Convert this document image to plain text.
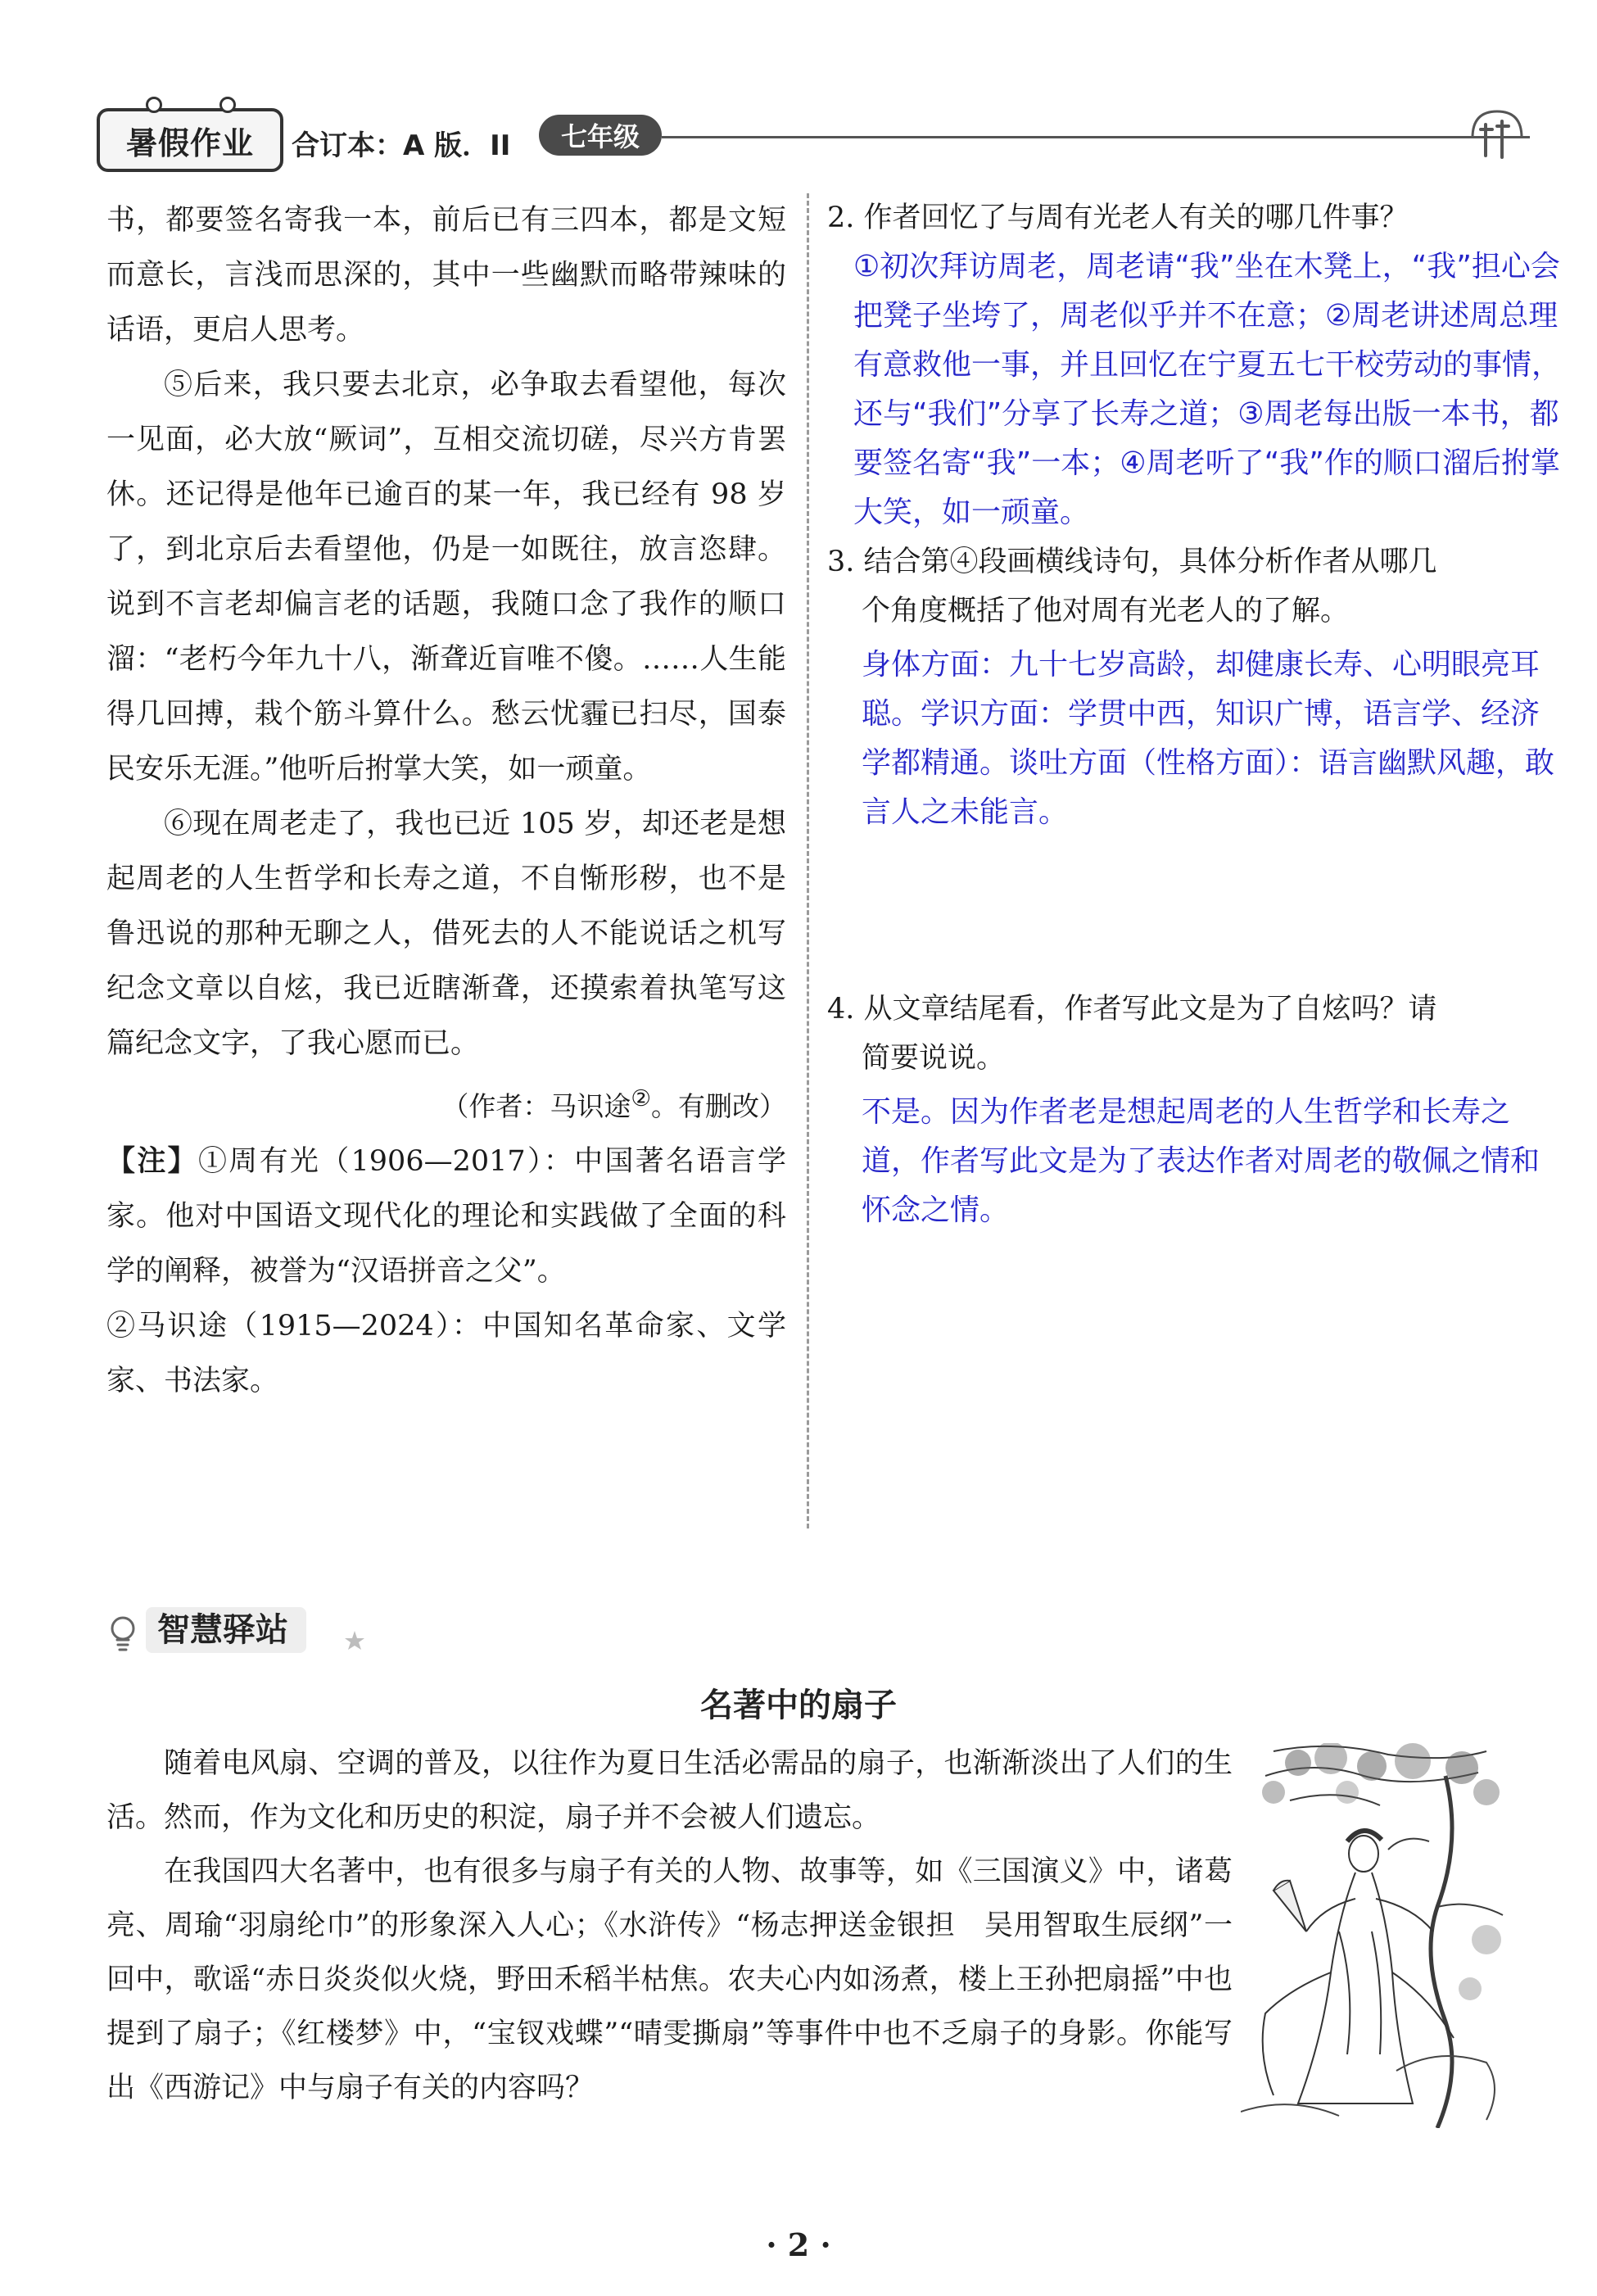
暑假作业 合订本：A 版．II	七年级

书，都要签名寄我一本，前后已有三四本，都是文短而意长，言浅而思深的，其中一些幽默而略带辣味的话语，更启人思考。

⑤后来，我只要去北京，必争取去看望他，每次一见面，必大放“厥词”，互相交流切磋，尽兴方肯罢休。还记得是他年已逾百的某一年，我已经有 98 岁了，到北京后去看望他，仍是一如既往，放言恣肆。说到不言老却偏言老的话题，我随口念了我作的顺口溜：“老朽今年九十八，渐聋近盲唯不傻。……人生能得几回搏，栽个筋斗算什么。愁云忧霾已扫尽，国泰民安乐无涯。”他听后拊掌大笑，如一顽童。

⑥现在周老走了，我也已近 105 岁，却还老是想起周老的人生哲学和长寿之道，不自惭形秽，也不是鲁迅说的那种无聊之人，借死去的人不能说话之机写纪念文章以自炫，我已近瞎渐聋，还摸索着执笔写这篇纪念文字，了我心愿而已。

（作者：马识途②。有删改）

【注】①周有光（1906—2017）：中国著名语言学家。他对中国语文现代化的理论和实践做了全面的科学的阐释，被誉为“汉语拼音之父”。

②马识途（1915—2024）：中国知名革命家、文学家、书法家。

2. 作者回忆了与周有光老人有关的哪几件事？

①初次拜访周老，周老请“我”坐在木凳上，“我”担心会把凳子坐垮了，周老似乎并不在意；②周老讲述周总理有意救他一事，并且回忆在宁夏五七干校劳动的事情，还与“我们”分享了长寿之道；③周老每出版一本书，都要签名寄“我”一本；④周老听了“我”作的顺口溜后拊掌大笑，如一顽童。

3. 结合第④段画横线诗句，具体分析作者从哪几

个角度概括了他对周有光老人的了解。

身体方面：九十七岁高龄，却健康长寿、心明眼亮耳聪。学识方面：学贯中西，知识广博，语言学、经济学都精通。谈吐方面（性格方面）：语言幽默风趣，敢言人之未能言。

4. 从文章结尾看，作者写此文是为了自炫吗？请

简要说说。

不是。因为作者老是想起周老的人生哲学和长寿之道，作者写此文是为了表达作者对周老的敬佩之情和怀念之情。

智慧驿站
名著中的扇子

随着电风扇、空调的普及，以往作为夏日生活必需品的扇子，也渐渐淡出了人们的生活。然而，作为文化和历史的积淀，扇子并不会被人们遗忘。

在我国四大名著中，也有很多与扇子有关的人物、故事等，如《三国演义》中，诸葛亮、周瑜“羽扇纶巾”的形象深入人心；《水浒传》“杨志押送金银担　吴用智取生辰纲”一回中，歌谣“赤日炎炎似火烧，野田禾稻半枯焦。农夫心内如汤煮，楼上王孙把扇摇”中也提到了扇子；《红楼梦》中，“宝钗戏蝶”“晴雯撕扇”等事件中也不乏扇子的身影。你能写出《西游记》中与扇子有关的内容吗？

· 2 ·
